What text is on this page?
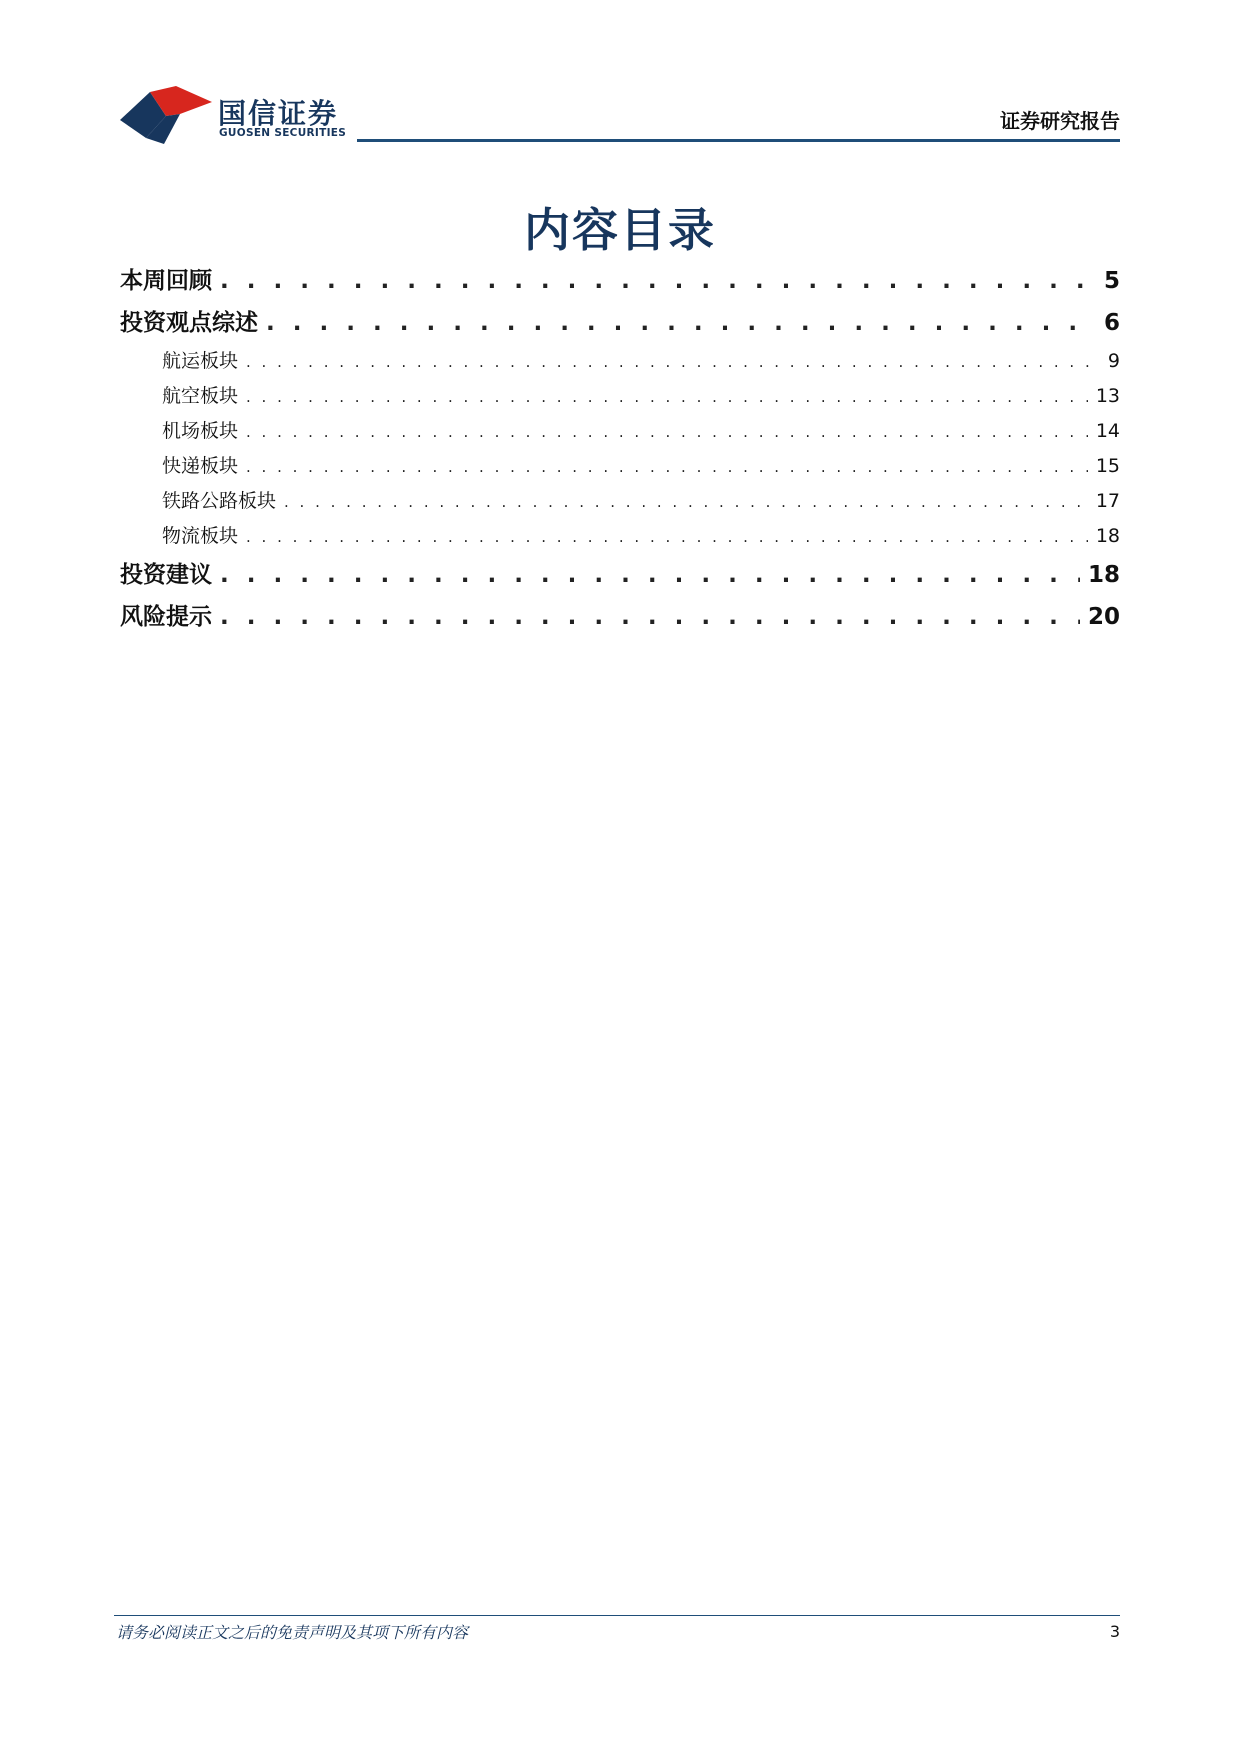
国信证券
GUOSEN SECURITIES	证券研究报告
内容目录
本周回顾 . . .	5
投资观点综述 . . .	6
航运板块 . . .	9
航空板块 . . .	13
机场板块 . . .	14
快递板块 . . .	15
铁路公路板块 . . .	17
物流板块 . . .	18
投资建议 . . .	18
风险提示 . . .	20
请务必阅读正文之后的免责声明及其项下所有内容	3
